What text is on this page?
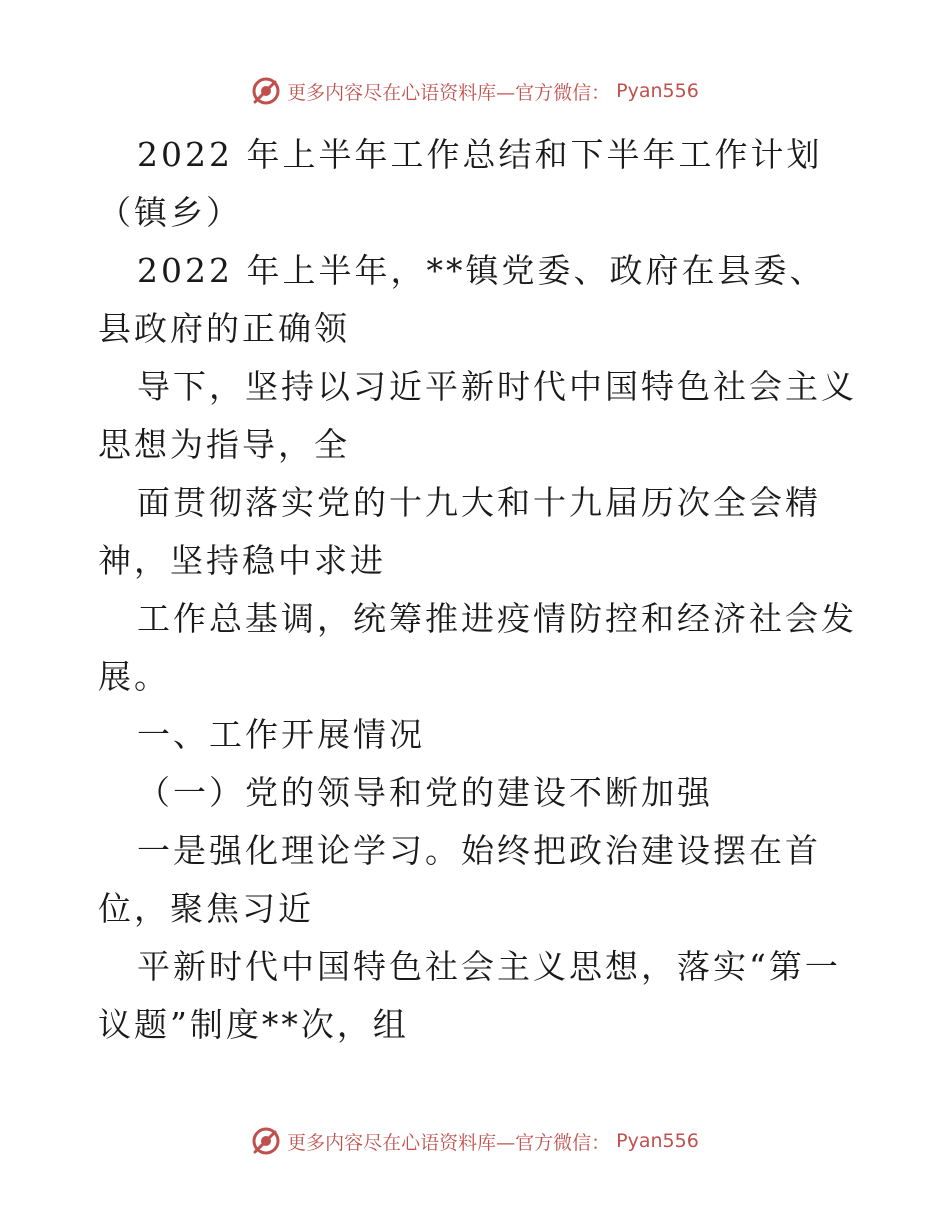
更多内容尽在心语资料库—官方微信： Pyan556

2022 年上半年工作总结和下半年工作计划（镇乡）

2022 年上半年，**镇党委、政府在县委、县政府的正确领

导下，坚持以习近平新时代中国特色社会主义思想为指导，全

面贯彻落实党的十九大和十九届历次全会精神，坚持稳中求进

工作总基调，统筹推进疫情防控和经济社会发展。

一、工作开展情况

（一）党的领导和党的建设不断加强

一是强化理论学习。始终把政治建设摆在首位，聚焦习近

平新时代中国特色社会主义思想，落实“第一议题”制度**次，组

更多内容尽在心语资料库—官方微信： Pyan556
